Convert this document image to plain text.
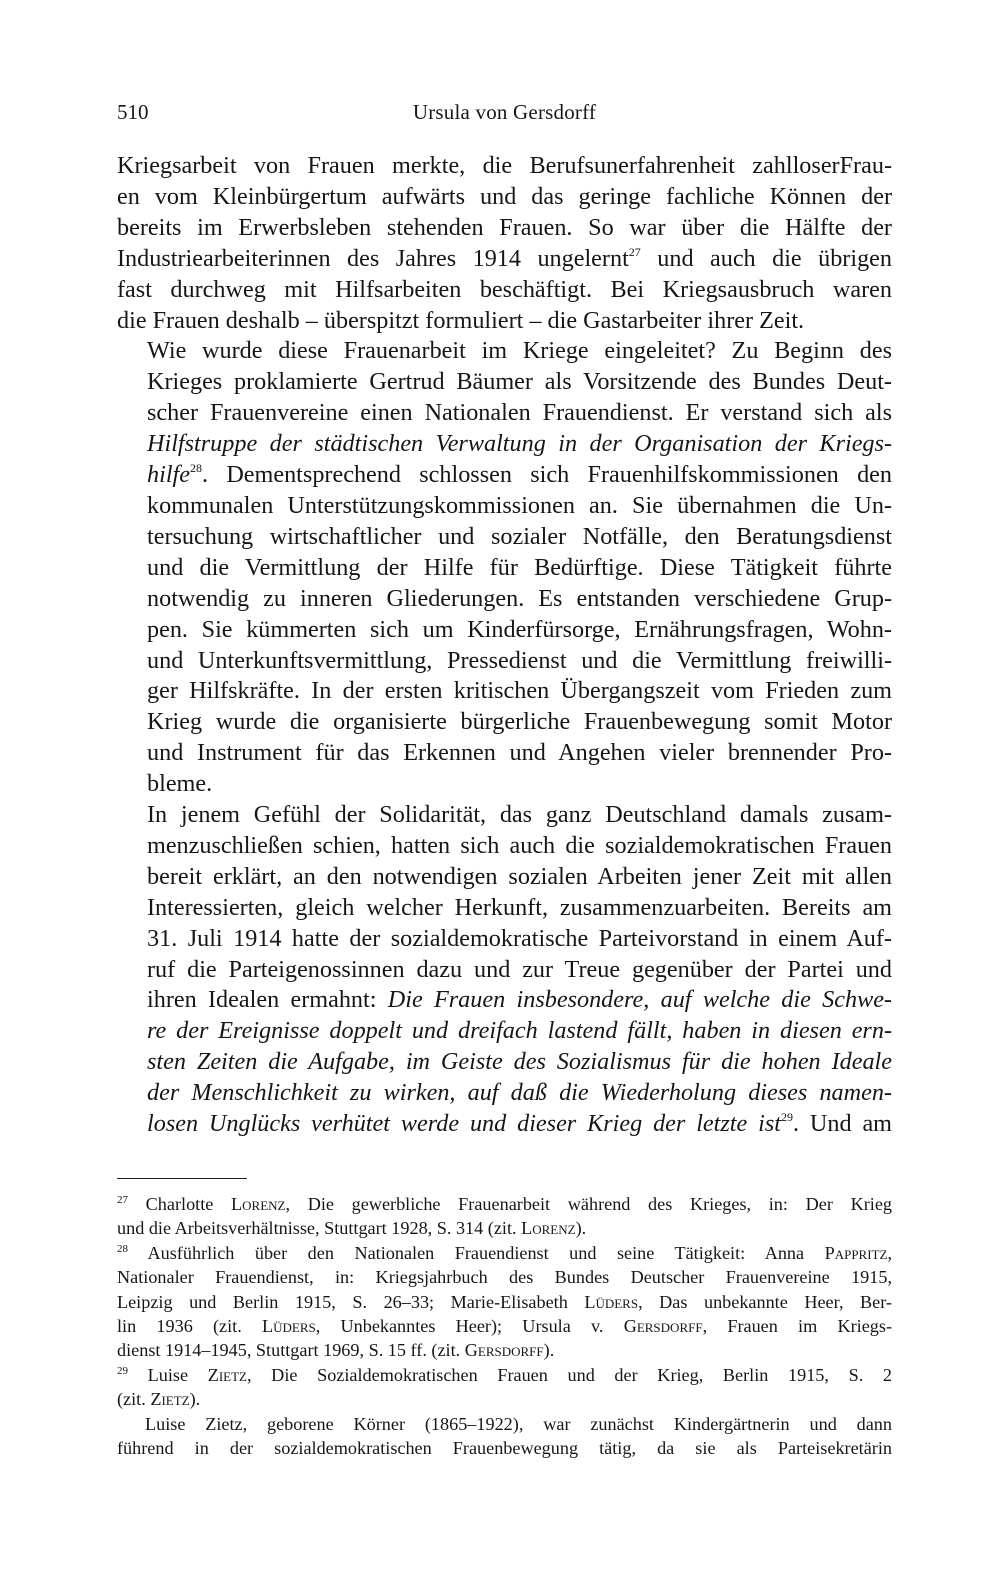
510	Ursula von Gersdorff

Kriegsarbeit von Frauen merkte, die Berufsunerfahrenheit zahlloserFrau-
en vom Kleinbürgertum aufwärts und das geringe fachliche Können der
bereits im Erwerbsleben stehenden Frauen. So war über die Hälfte der
Industriearbeiterinnen des Jahres 1914 ungelernt$^{27}$ und auch die übrigen
fast durchweg mit Hilfsarbeiten beschäftigt. Bei Kriegsausbruch waren
die Frauen deshalb – überspitzt formuliert – die Gastarbeiter ihrer Zeit.

Wie wurde diese Frauenarbeit im Kriege eingeleitet? Zu Beginn des
Krieges proklamierte Gertrud Bäumer als Vorsitzende des Bundes Deut-
scher Frauenvereine einen Nationalen Frauendienst. Er verstand sich als
Hilfstruppe der städtischen Verwaltung in der Organisation der Kriegs-
hilfe$^{28}$. Dementsprechend schlossen sich Frauenhilfskommissionen den
kommunalen Unterstützungskommissionen an. Sie übernahmen die Un-
tersuchung wirtschaftlicher und sozialer Notfälle, den Beratungsdienst
und die Vermittlung der Hilfe für Bedürftige. Diese Tätigkeit führte
notwendig zu inneren Gliederungen. Es entstanden verschiedene Grup-
pen. Sie kümmerten sich um Kinderfürsorge, Ernährungsfragen, Wohn-
und Unterkunftsvermittlung, Pressedienst und die Vermittlung freiwilli-
ger Hilfskräfte. In der ersten kritischen Übergangszeit vom Frieden zum
Krieg wurde die organisierte bürgerliche Frauenbewegung somit Motor
und Instrument für das Erkennen und Angehen vieler brennender Pro-
bleme.

In jenem Gefühl der Solidarität, das ganz Deutschland damals zusam-
menzuschließen schien, hatten sich auch die sozialdemokratischen Frauen
bereit erklärt, an den notwendigen sozialen Arbeiten jener Zeit mit allen
Interessierten, gleich welcher Herkunft, zusammenzuarbeiten. Bereits am
31. Juli 1914 hatte der sozialdemokratische Parteivorstand in einem Auf-
ruf die Parteigenossinnen dazu und zur Treue gegenüber der Partei und
ihren Idealen ermahnt: Die Frauen insbesondere, auf welche die Schwe-
re der Ereignisse doppelt und dreifach lastend fällt, haben in diesen ern-
sten Zeiten die Aufgabe, im Geiste des Sozialismus für die hohen Ideale
der Menschlichkeit zu wirken, auf daß die Wiederholung dieses namen-
losen Unglücks verhütet werde und dieser Krieg der letzte ist$^{29}$. Und am

$^{27}$ Charlotte Lorenz, Die gewerbliche Frauenarbeit während des Krieges, in: Der Krieg
und die Arbeitsverhältnisse, Stuttgart 1928, S. 314 (zit. Lorenz).
$^{28}$ Ausführlich über den Nationalen Frauendienst und seine Tätigkeit: Anna Pappritz,
Nationaler Frauendienst, in: Kriegsjahrbuch des Bundes Deutscher Frauenvereine 1915,
Leipzig und Berlin 1915, S. 26–33; Marie-Elisabeth Lüders, Das unbekannte Heer, Ber-
lin 1936 (zit. Lüders, Unbekanntes Heer); Ursula v. Gersdorff, Frauen im Kriegs-
dienst 1914–1945, Stuttgart 1969, S. 15 ff. (zit. Gersdorff).
$^{29}$ Luise Zietz, Die Sozialdemokratischen Frauen und der Krieg, Berlin 1915, S. 2
(zit. Zietz).
Luise Zietz, geborene Körner (1865–1922), war zunächst Kindergärtnerin und dann
führend in der sozialdemokratischen Frauenbewegung tätig, da sie als Parteisekretärin
